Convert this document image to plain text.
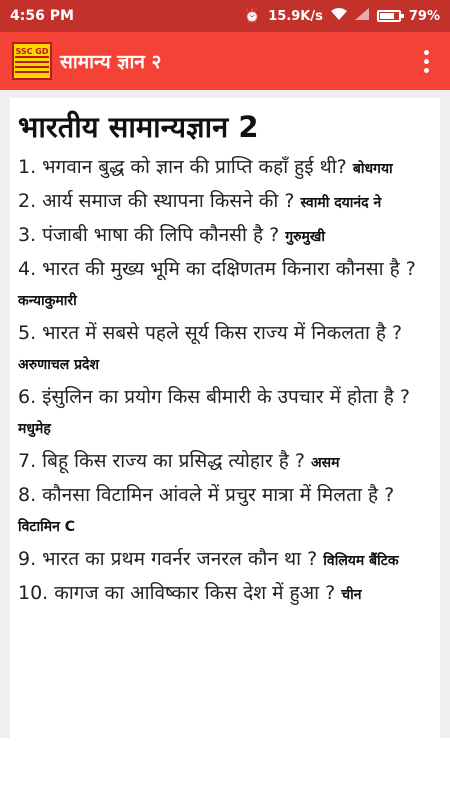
4:56 PM	⏰ 15.9K/s	79%
SSC GD सामान्य ज्ञान २
भारतीय सामान्यज्ञान 2
1. भगवान बुद्ध को ज्ञान की प्राप्ति कहाँ हुई थी? बोधगया
2. आर्य समाज की स्थापना किसने की ? स्वामी दयानंद ने
3. पंजाबी भाषा की लिपि कौनसी है ? गुरुमुखी
4. भारत की मुख्य भूमि का दक्षिणतम किनारा कौनसा है ? कन्याकुमारी
5. भारत में सबसे पहले सूर्य किस राज्य में निकलता है ? अरुणाचल प्रदेश
6. इंसुलिन का प्रयोग किस बीमारी के उपचार में होता है ? मधुमेह
7. बिहू किस राज्य का प्रसिद्ध त्योहार है ? असम
8. कौनसा विटामिन आंवले में प्रचुर मात्रा में मिलता है ? विटामिन C
9. भारत का प्रथम गवर्नर जनरल कौन था ? विलियम बैंटिक
10. कागज का आविष्कार किस देश में हुआ ? चीन
